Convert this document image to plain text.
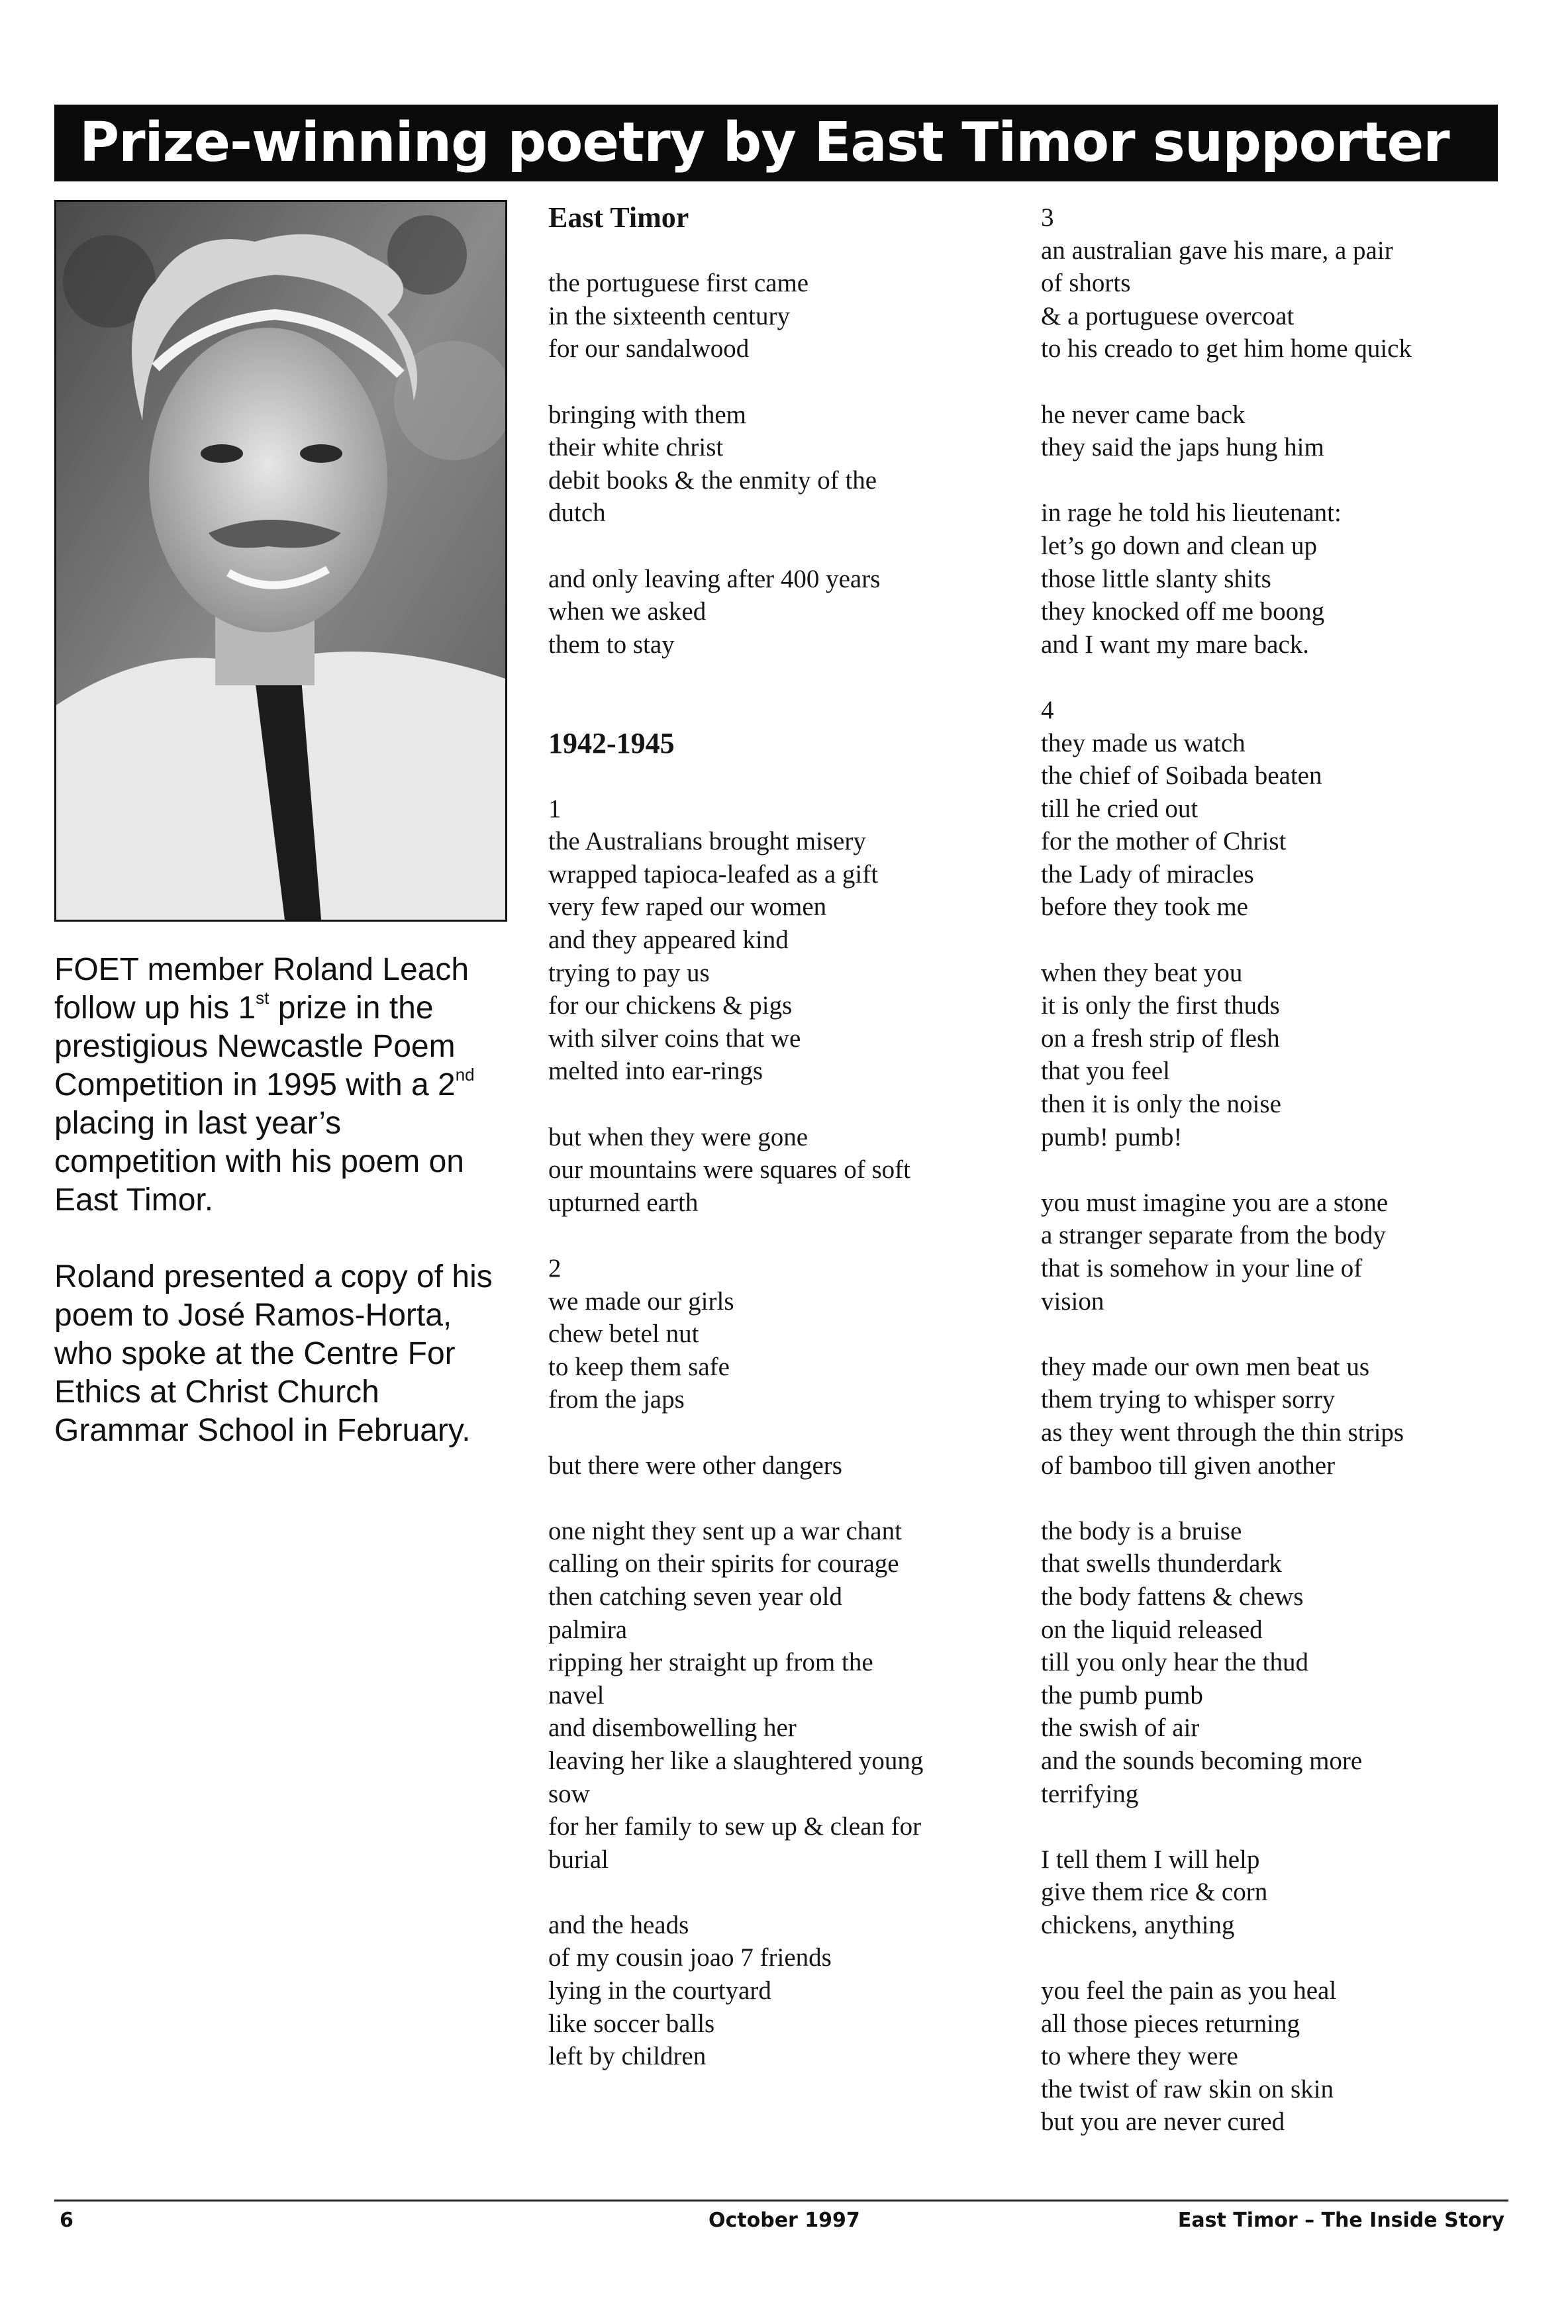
Prize-winning poetry by East Timor supporter

FOET member Roland Leach follow up his 1st prize in the prestigious Newcastle Poem Competition in 1995 with a 2nd placing in last year’s competition with his poem on East Timor.

Roland presented a copy of his poem to José Ramos-Horta, who spoke at the Centre For Ethics at Christ Church Grammar School in February.

East Timor
the portuguese first came
in the sixteenth century
for our sandalwood
bringing with them
their white christ
debit books & the enmity of the
dutch
and only leaving after 400 years
when we asked
them to stay
1942-1945
1
the Australians brought misery
wrapped tapioca-leafed as a gift
very few raped our women
and they appeared kind
trying to pay us
for our chickens & pigs
with silver coins that we
melted into ear-rings
but when they were gone
our mountains were squares of soft
upturned earth
2
we made our girls
chew betel nut
to keep them safe
from the japs
but there were other dangers
one night they sent up a war chant
calling on their spirits for courage
then catching seven year old
palmira
ripping her straight up from the
navel
and disembowelling her
leaving her like a slaughtered young
sow
for her family to sew up & clean for
burial
and the heads
of my cousin joao 7 friends
lying in the courtyard
like soccer balls
left by children
3
an australian gave his mare, a pair
of shorts
& a portuguese overcoat
to his creado to get him home quick
he never came back
they said the japs hung him
in rage he told his lieutenant:
let’s go down and clean up
those little slanty shits
they knocked off me boong
and I want my mare back.
4
they made us watch
the chief of Soibada beaten
till he cried out
for the mother of Christ
the Lady of miracles
before they took me
when they beat you
it is only the first thuds
on a fresh strip of flesh
that you feel
then it is only the noise
pumb! pumb!
you must imagine you are a stone
a stranger separate from the body
that is somehow in your line of
vision
they made our own men beat us
them trying to whisper sorry
as they went through the thin strips
of bamboo till given another
the body is a bruise
that swells thunderdark
the body fattens & chews
on the liquid released
till you only hear the thud
the pumb pumb
the swish of air
and the sounds becoming more
terrifying
I tell them I will help
give them rice & corn
chickens, anything
you feel the pain as you heal
all those pieces returning
to where they were
the twist of raw skin on skin
but you are never cured
6	October 1997	East Timor – The Inside Story
